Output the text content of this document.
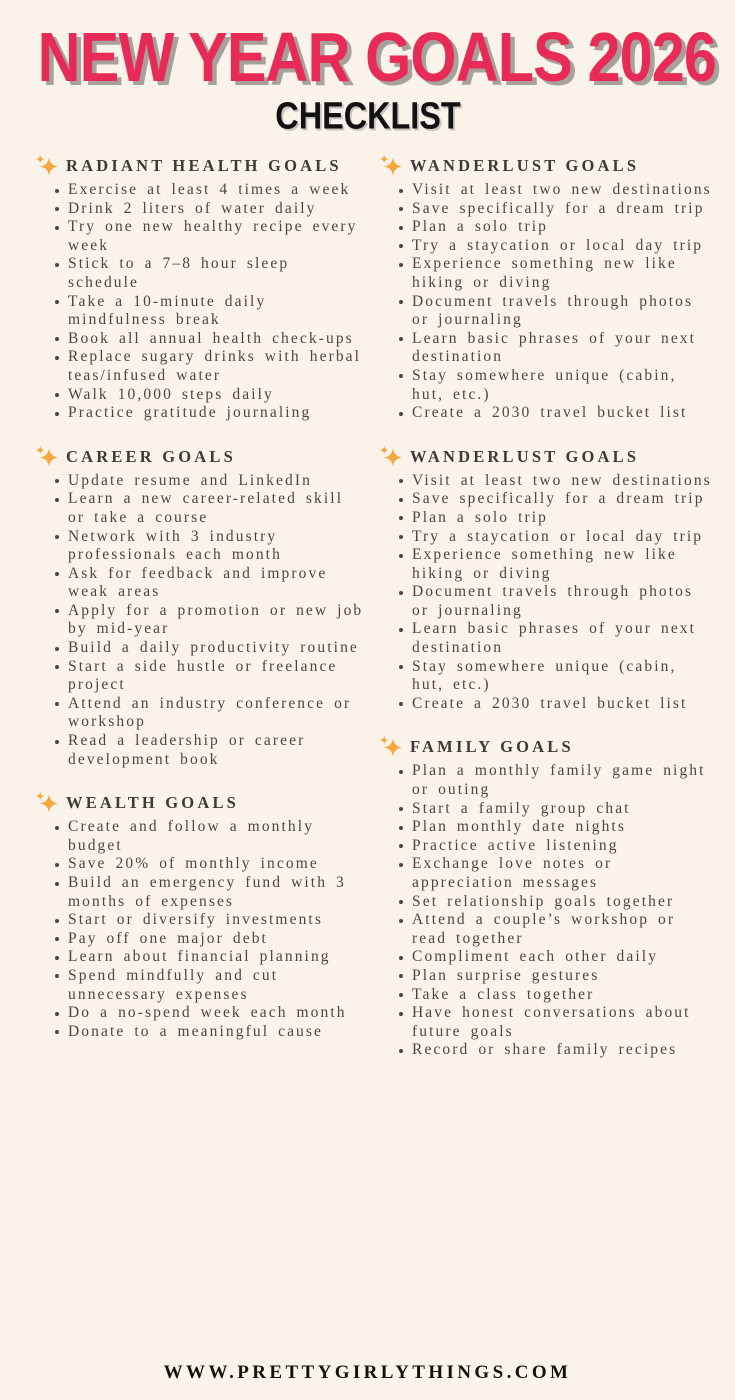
NEW YEAR GOALS 2026
CHECKLIST
RADIANT HEALTH GOALS
Exercise at least 4 times a week
Drink 2 liters of water daily
Try one new healthy recipe every week
Stick to a 7–8 hour sleep schedule
Take a 10-minute daily mindfulness break
Book all annual health check-ups
Replace sugary drinks with herbal teas/infused water
Walk 10,000 steps daily
Practice gratitude journaling
CAREER GOALS
Update resume and LinkedIn
Learn a new career-related skill or take a course
Network with 3 industry professionals each month
Ask for feedback and improve weak areas
Apply for a promotion or new job by mid-year
Build a daily productivity routine
Start a side hustle or freelance project
Attend an industry conference or workshop
Read a leadership or career development book
WEALTH GOALS
Create and follow a monthly budget
Save 20% of monthly income
Build an emergency fund with 3 months of expenses
Start or diversify investments
Pay off one major debt
Learn about financial planning
Spend mindfully and cut unnecessary expenses
Do a no-spend week each month
Donate to a meaningful cause
WANDERLUST GOALS
Visit at least two new destinations
Save specifically for a dream trip
Plan a solo trip
Try a staycation or local day trip
Experience something new like hiking or diving
Document travels through photos or journaling
Learn basic phrases of your next destination
Stay somewhere unique (cabin, hut, etc.)
Create a 2030 travel bucket list
WANDERLUST GOALS
Visit at least two new destinations
Save specifically for a dream trip
Plan a solo trip
Try a staycation or local day trip
Experience something new like hiking or diving
Document travels through photos or journaling
Learn basic phrases of your next destination
Stay somewhere unique (cabin, hut, etc.)
Create a 2030 travel bucket list
FAMILY GOALS
Plan a monthly family game night or outing
Start a family group chat
Plan monthly date nights
Practice active listening
Exchange love notes or appreciation messages
Set relationship goals together
Attend a couple’s workshop or read together
Compliment each other daily
Plan surprise gestures
Take a class together
Have honest conversations about future goals
Record or share family recipes
WWW.PRETTYGIRLYTHINGS.COM
